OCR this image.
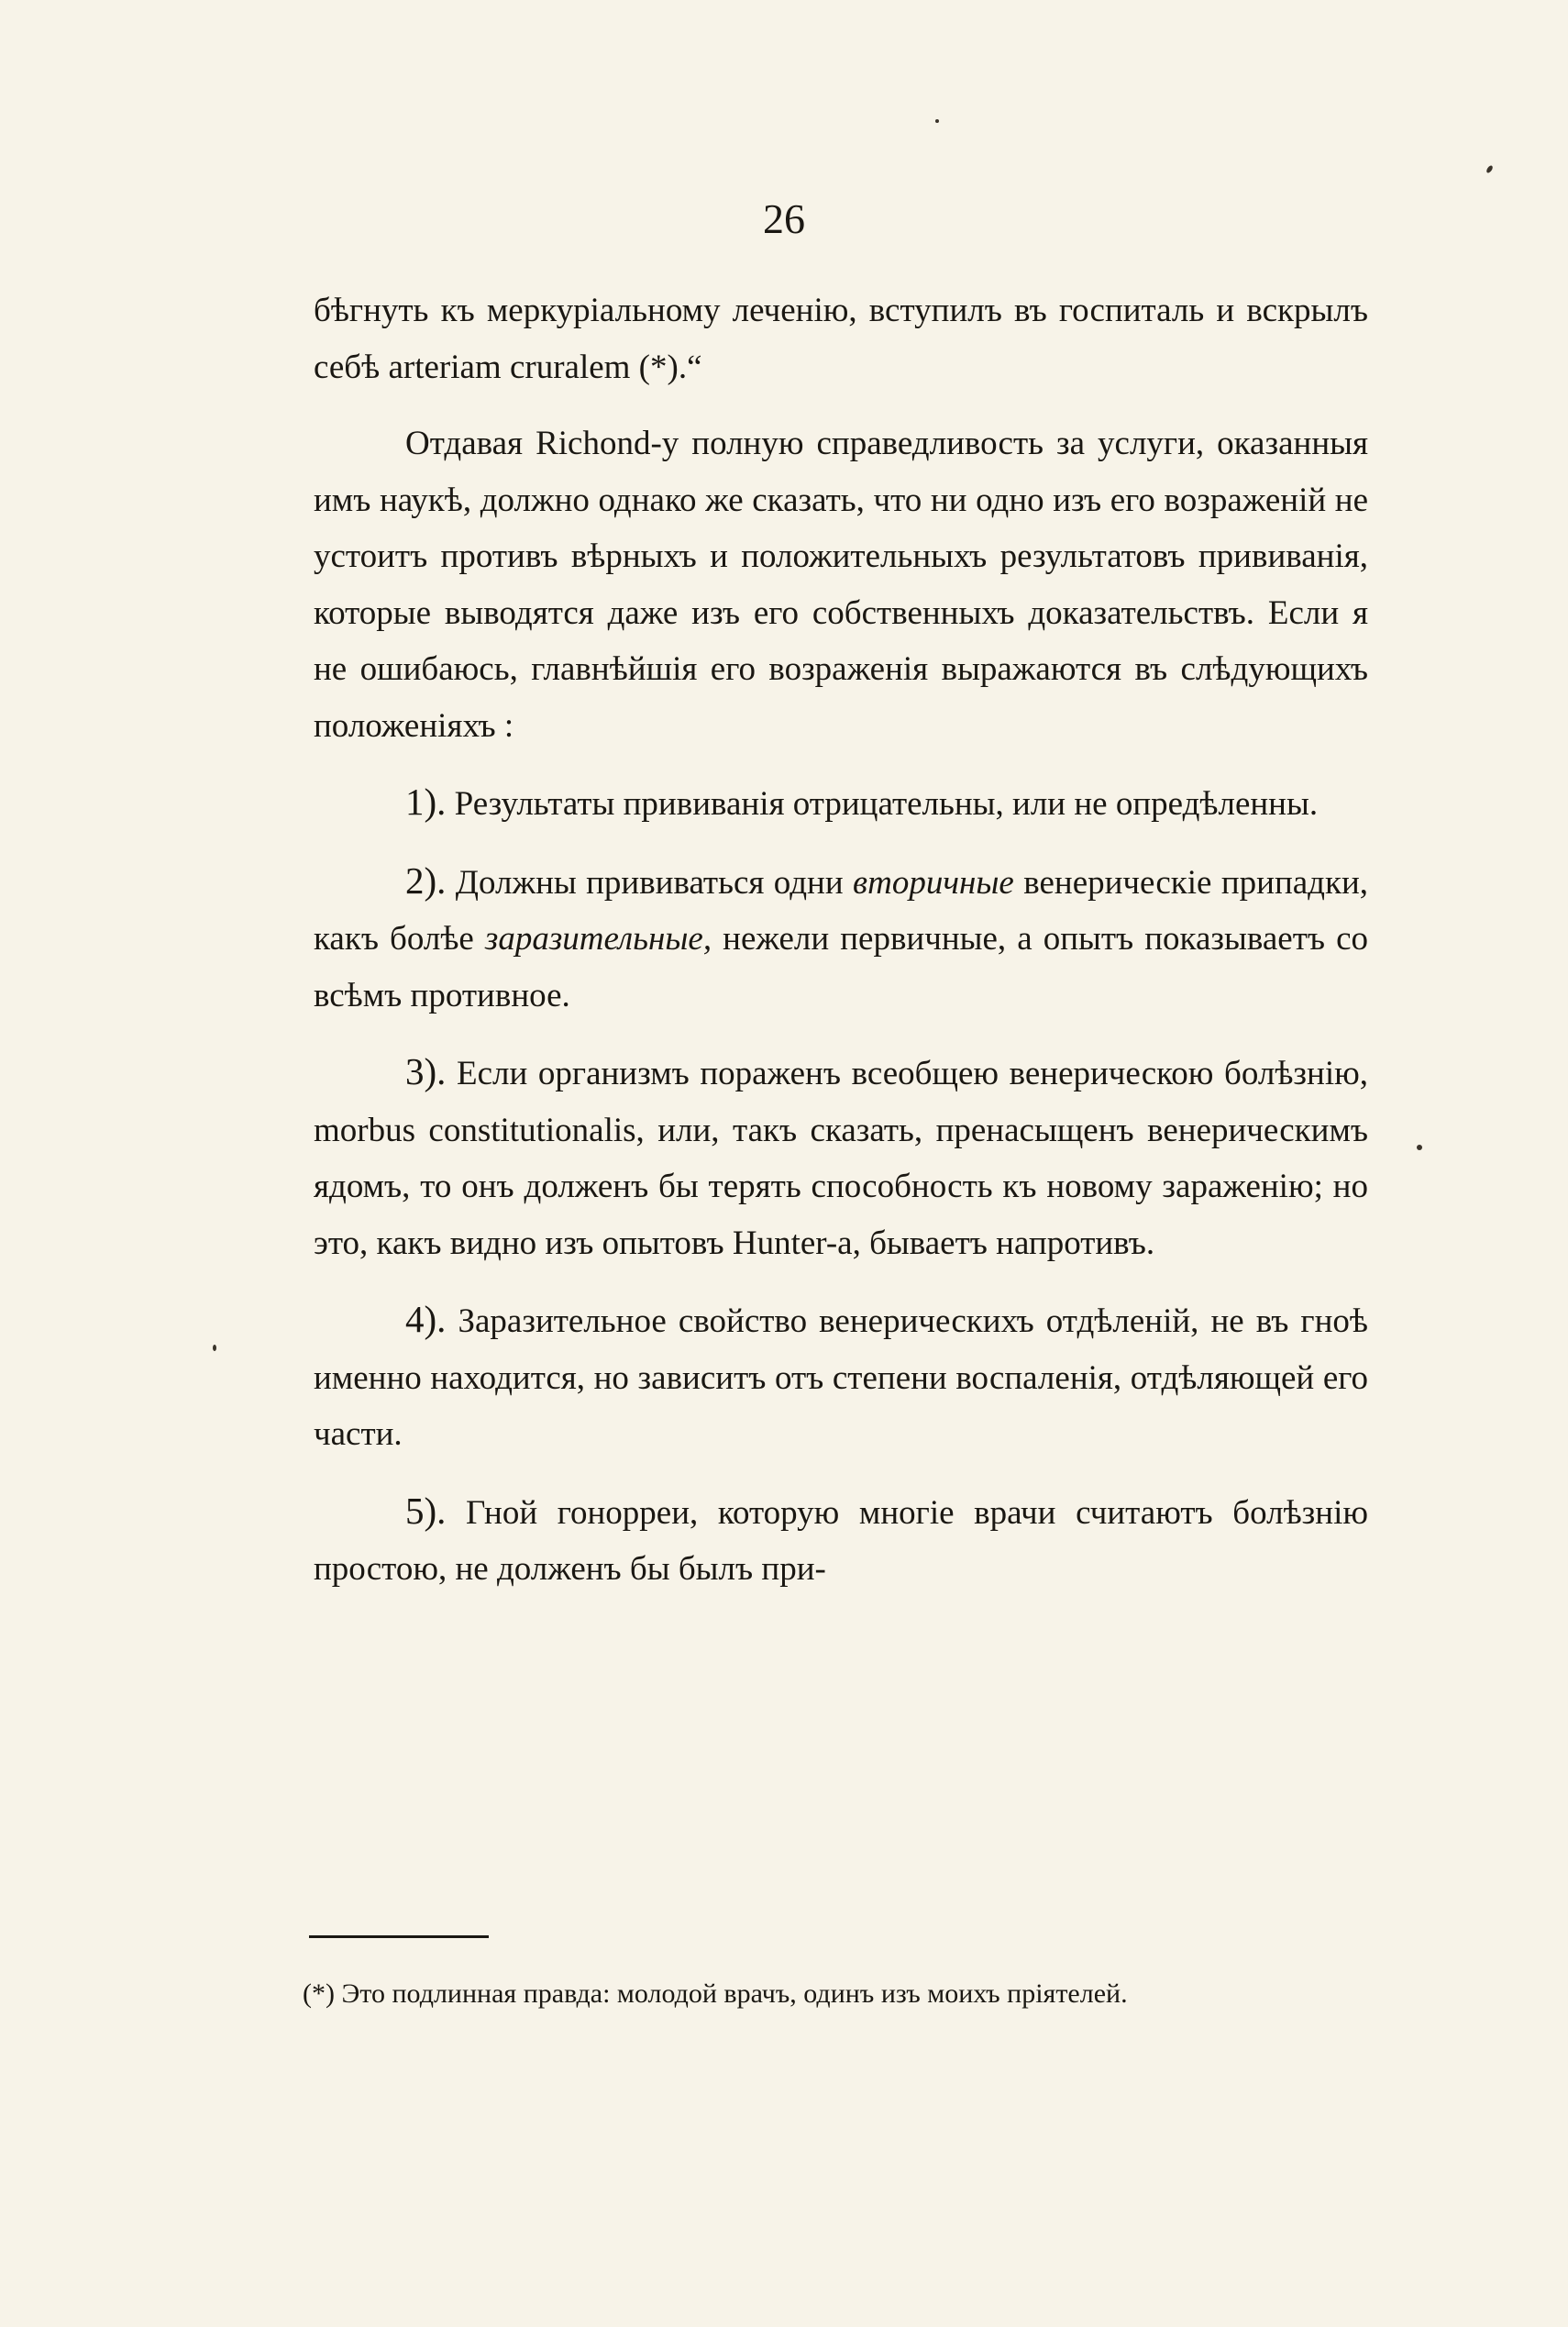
26

бѣгнуть къ меркуріальному леченію, вступилъ въ госпиталь и вскрылъ себѣ arteriam cruralem (*).“

Отдавая Richond-у полную справедливость за услуги, оказанныя имъ наукѣ, должно однако же сказать, что ни одно изъ его возраженій не устоитъ противъ вѣрныхъ и положительныхъ результатовъ прививанія, которые выводятся даже изъ его собственныхъ доказательствъ. Если я не ошибаюсь, главнѣйшія его возраженія выражаются въ слѣдующихъ положеніяхъ :

1). Результаты прививанія отрицательны, или не опредѣленны.

2). Должны прививаться одни вторичные венерическіе припадки, какъ болѣе заразительные, нежели первичные, а опытъ показываетъ со всѣмъ противное.

3). Если организмъ пораженъ всеобщею венерическою болѣзнію, morbus constitutionalis, или, такъ сказать, пренасыщенъ венерическимъ ядомъ, то онъ долженъ бы терять способность къ новому зараженію; но это, какъ видно изъ опытовъ Hunter-a, бываетъ напротивъ.

4). Заразительное свойство венерическихъ отдѣленій, не въ гноѣ именно находится, но зависитъ отъ степени воспаленія, отдѣляющей его части.

5). Гной гонорреи, которую многіе врачи считаютъ болѣзнію простою, не долженъ бы былъ при-

(*) Это подлинная правда: молодой врачъ, одинъ изъ моихъ пріятелей.
